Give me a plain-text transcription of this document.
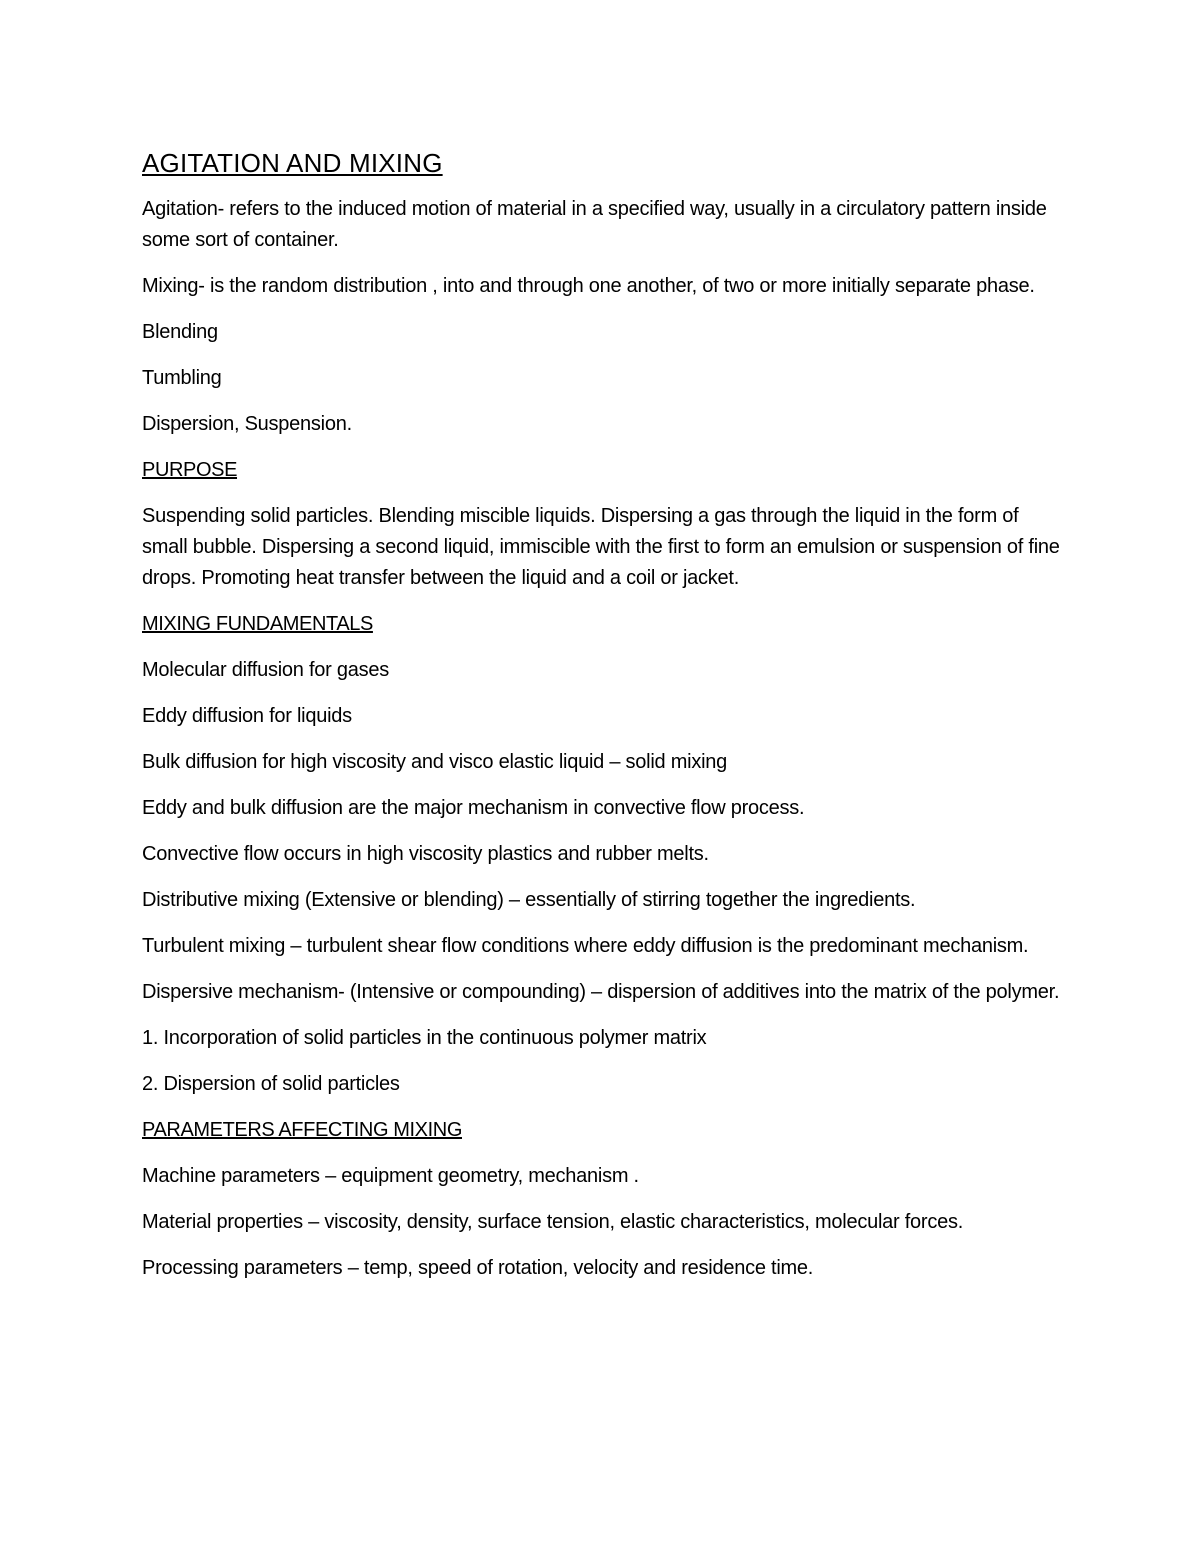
AGITATION AND MIXING
Agitation- refers to the induced motion of material in a specified way, usually in a circulatory pattern inside some sort of container.
Mixing- is the random distribution , into and through one another, of two or more initially separate phase.
Blending
Tumbling
Dispersion, Suspension.
PURPOSE
Suspending solid particles. Blending miscible liquids. Dispersing a gas through the liquid in the form of small bubble. Dispersing a second liquid, immiscible with the first to form an emulsion or suspension of fine drops. Promoting heat transfer between the liquid and a coil or jacket.
MIXING FUNDAMENTALS
Molecular diffusion for gases
Eddy diffusion for liquids
Bulk diffusion for high viscosity and visco elastic liquid – solid mixing
Eddy and bulk diffusion are the major mechanism in convective flow process.
Convective flow occurs in high viscosity plastics and rubber melts.
Distributive mixing (Extensive or blending) – essentially of stirring together the ingredients.
Turbulent mixing – turbulent shear flow conditions where eddy diffusion is the predominant mechanism.
Dispersive mechanism- (Intensive or compounding) – dispersion of additives into the matrix of the polymer.
1. Incorporation of solid particles in the continuous polymer matrix
2. Dispersion of solid particles
PARAMETERS AFFECTING MIXING
Machine parameters – equipment geometry, mechanism .
Material properties – viscosity, density, surface tension, elastic characteristics, molecular forces.
Processing parameters – temp, speed of rotation, velocity and residence time.
